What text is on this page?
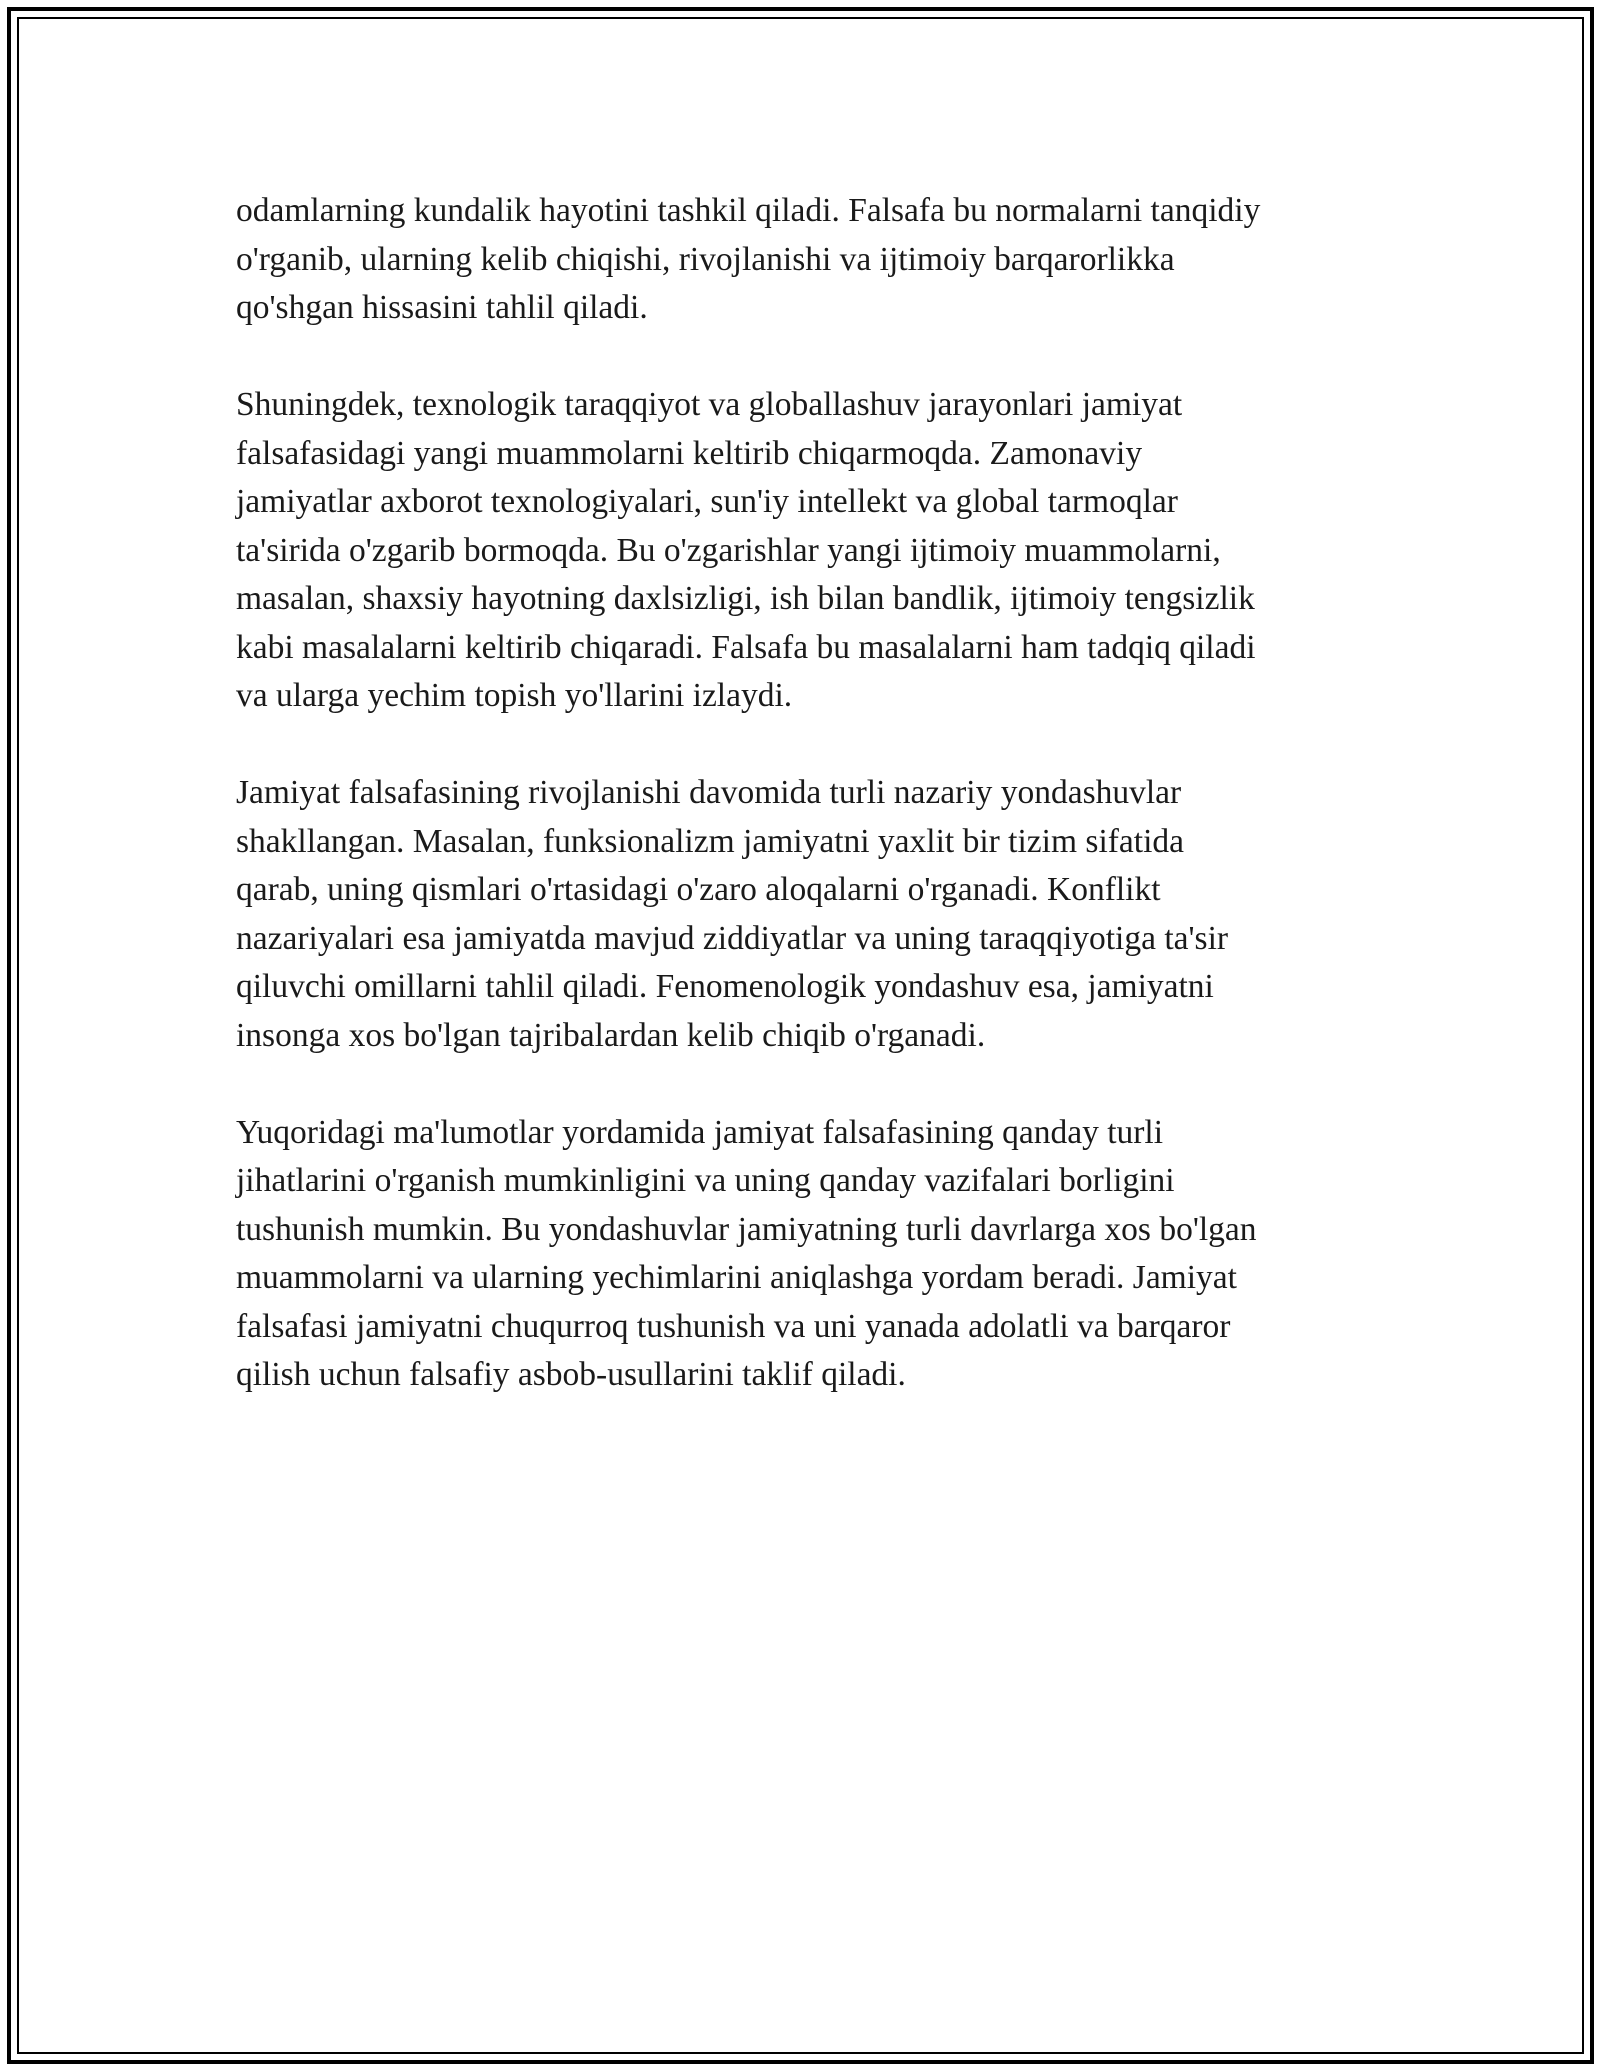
odamlarning kundalik hayotini tashkil qiladi. Falsafa bu normalarni tanqidiy
o'rganib, ularning kelib chiqishi, rivojlanishi va ijtimoiy barqarorlikka
qo'shgan hissasini tahlil qiladi.

Shuningdek, texnologik taraqqiyot va globallashuv jarayonlari jamiyat
falsafasidagi yangi muammolarni keltirib chiqarmoqda. Zamonaviy
jamiyatlar axborot texnologiyalari, sun'iy intellekt va global tarmoqlar
ta'sirida o'zgarib bormoqda. Bu o'zgarishlar yangi ijtimoiy muammolarni,
masalan, shaxsiy hayotning daxlsizligi, ish bilan bandlik, ijtimoiy tengsizlik
kabi masalalarni keltirib chiqaradi. Falsafa bu masalalarni ham tadqiq qiladi
va ularga yechim topish yo'llarini izlaydi.

Jamiyat falsafasining rivojlanishi davomida turli nazariy yondashuvlar
shakllangan. Masalan, funksionalizm jamiyatni yaxlit bir tizim sifatida
qarab, uning qismlari o'rtasidagi o'zaro aloqalarni o'rganadi. Konflikt
nazariyalari esa jamiyatda mavjud ziddiyatlar va uning taraqqiyotiga ta'sir
qiluvchi omillarni tahlil qiladi. Fenomenologik yondashuv esa, jamiyatni
insonga xos bo'lgan tajribalardan kelib chiqib o'rganadi.

Yuqoridagi ma'lumotlar yordamida jamiyat falsafasining qanday turli
jihatlarini o'rganish mumkinligini va uning qanday vazifalari borligini
tushunish mumkin. Bu yondashuvlar jamiyatning turli davrlarga xos bo'lgan
muammolarni va ularning yechimlarini aniqlashga yordam beradi. Jamiyat
falsafasi jamiyatni chuqurroq tushunish va uni yanada adolatli va barqaror
qilish uchun falsafiy asbob-usullarini taklif qiladi.
